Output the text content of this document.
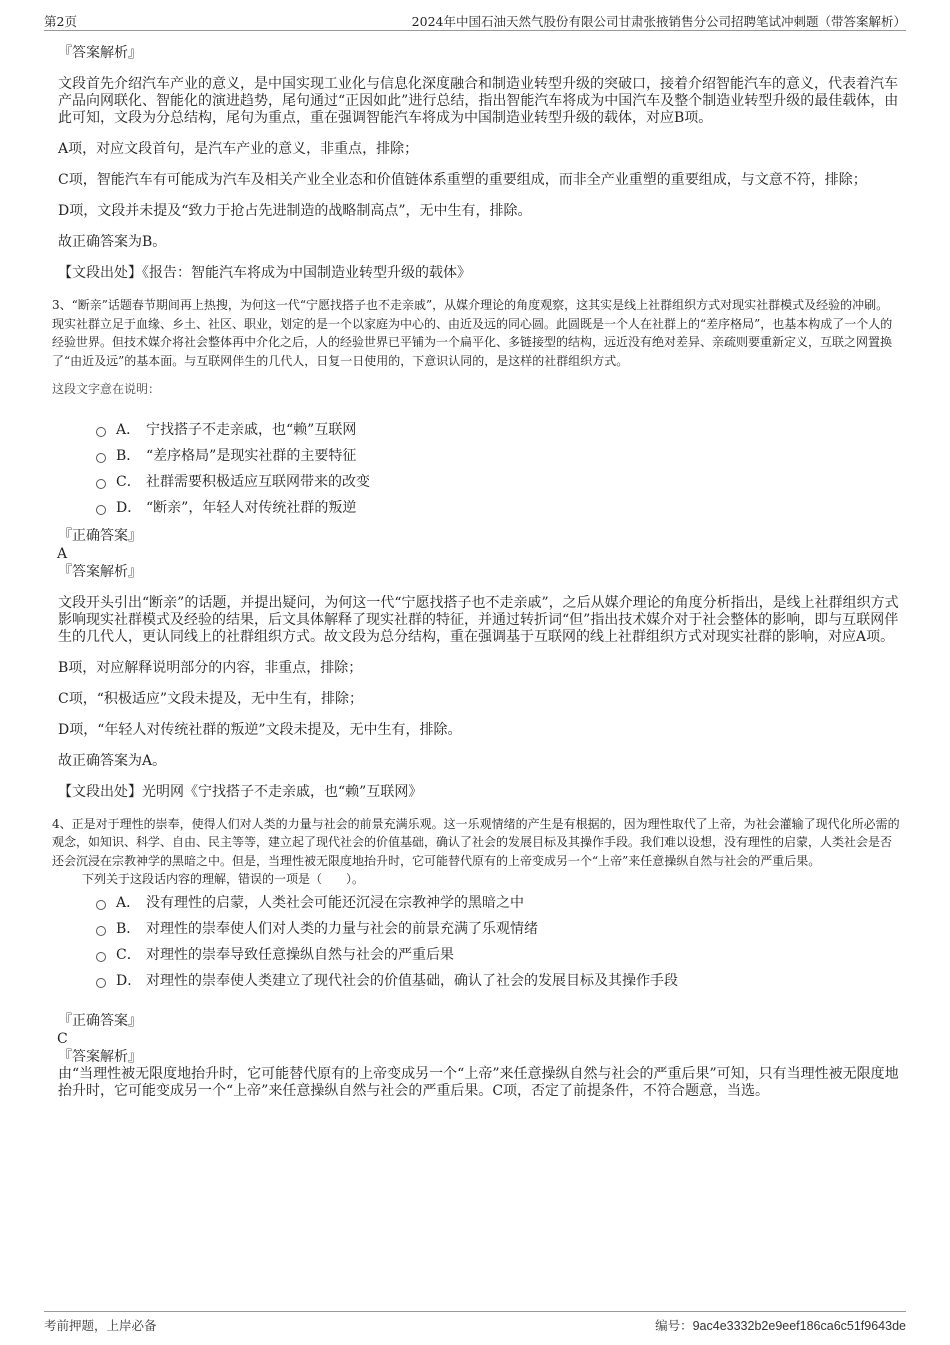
第2页	2024年中国石油天然气股份有限公司甘肃张掖销售分公司招聘笔试冲刺题（带答案解析）

『答案解析』

文段首先介绍汽车产业的意义，是中国实现工业化与信息化深度融合和制造业转型升级的突破口，接着介绍智能汽车的意义，代表着汽车产品向网联化、智能化的演进趋势，尾句通过“正因如此”进行总结，指出智能汽车将成为中国汽车及整个制造业转型升级的最佳载体，由此可知，文段为分总结构，尾句为重点，重在强调智能汽车将成为中国制造业转型升级的载体，对应B项。

A项，对应文段首句，是汽车产业的意义，非重点，排除；

C项，智能汽车有可能成为汽车及相关产业全业态和价值链体系重塑的重要组成，而非全产业重塑的重要组成，与文意不符，排除；

D项，文段并未提及“致力于抢占先进制造的战略制高点”，无中生有，排除。

故正确答案为B。

【文段出处】《报告：智能汽车将成为中国制造业转型升级的载体》

3、“断亲”话题春节期间再上热搜，为何这一代“宁愿找搭子也不走亲戚”，从媒介理论的角度观察，这其实是线上社群组织方式对现实社群模式及经验的冲刷。现实社群立足于血缘、乡土、社区、职业，划定的是一个以家庭为中心的、由近及远的同心圆。此圆既是一个人在社群上的“差序格局”，也基本构成了一个人的经验世界。但技术媒介将社会整体再中介化之后，人的经验世界已平铺为一个扁平化、多链接型的结构，远近没有绝对差异、亲疏则要重新定义，互联之网置换了“由近及远”的基本面。与互联网伴生的几代人，日复一日使用的，下意识认同的，是这样的社群组织方式。

这段文字意在说明：

A． 宁找搭子不走亲戚，也“赖”互联网
B． “差序格局”是现实社群的主要特征
C． 社群需要积极适应互联网带来的改变
D． “断亲”，年轻人对传统社群的叛逆

『正确答案』

A

『答案解析』

文段开头引出“断亲”的话题，并提出疑问，为何这一代“宁愿找搭子也不走亲戚”，之后从媒介理论的角度分析指出，是线上社群组织方式影响现实社群模式及经验的结果，后文具体解释了现实社群的特征，并通过转折词“但”指出技术媒介对于社会整体的影响，即与互联网伴生的几代人，更认同线上的社群组织方式。故文段为总分结构，重在强调基于互联网的线上社群组织方式对现实社群的影响，对应A项。

B项，对应解释说明部分的内容，非重点，排除；

C项，“积极适应”文段未提及，无中生有，排除；

D项，“年轻人对传统社群的叛逆”文段未提及，无中生有，排除。

故正确答案为A。

【文段出处】光明网《宁找搭子不走亲戚，也“赖”互联网》

4、正是对于理性的崇奉，使得人们对人类的力量与社会的前景充满乐观。这一乐观情绪的产生是有根据的，因为理性取代了上帝，为社会灌输了现代化所必需的观念，如知识、科学、自由、民主等等，建立起了现代社会的价值基础，确认了社会的发展目标及其操作手段。我们难以设想，没有理性的启蒙，人类社会是否还会沉浸在宗教神学的黑暗之中。但是，当理性被无限度地抬升时，它可能替代原有的上帝变成另一个“上帝”来任意操纵自然与社会的严重后果。

下列关于这段话内容的理解，错误的一项是（　　）。

A． 没有理性的启蒙，人类社会可能还沉浸在宗教神学的黑暗之中
B． 对理性的崇奉使人们对人类的力量与社会的前景充满了乐观情绪
C． 对理性的崇奉导致任意操纵自然与社会的严重后果
D． 对理性的崇奉使人类建立了现代社会的价值基础，确认了社会的发展目标及其操作手段

『正确答案』

C

『答案解析』

由“当理性被无限度地抬升时，它可能替代原有的上帝变成另一个“上帝”来任意操纵自然与社会的严重后果”可知，只有当理性被无限度地抬升时，它可能变成另一个“上帝”来任意操纵自然与社会的严重后果。C项，否定了前提条件，不符合题意，当选。

考前押题，上岸必备	编号：9ac4e3332b2e9eef186ca6c51f9643de
